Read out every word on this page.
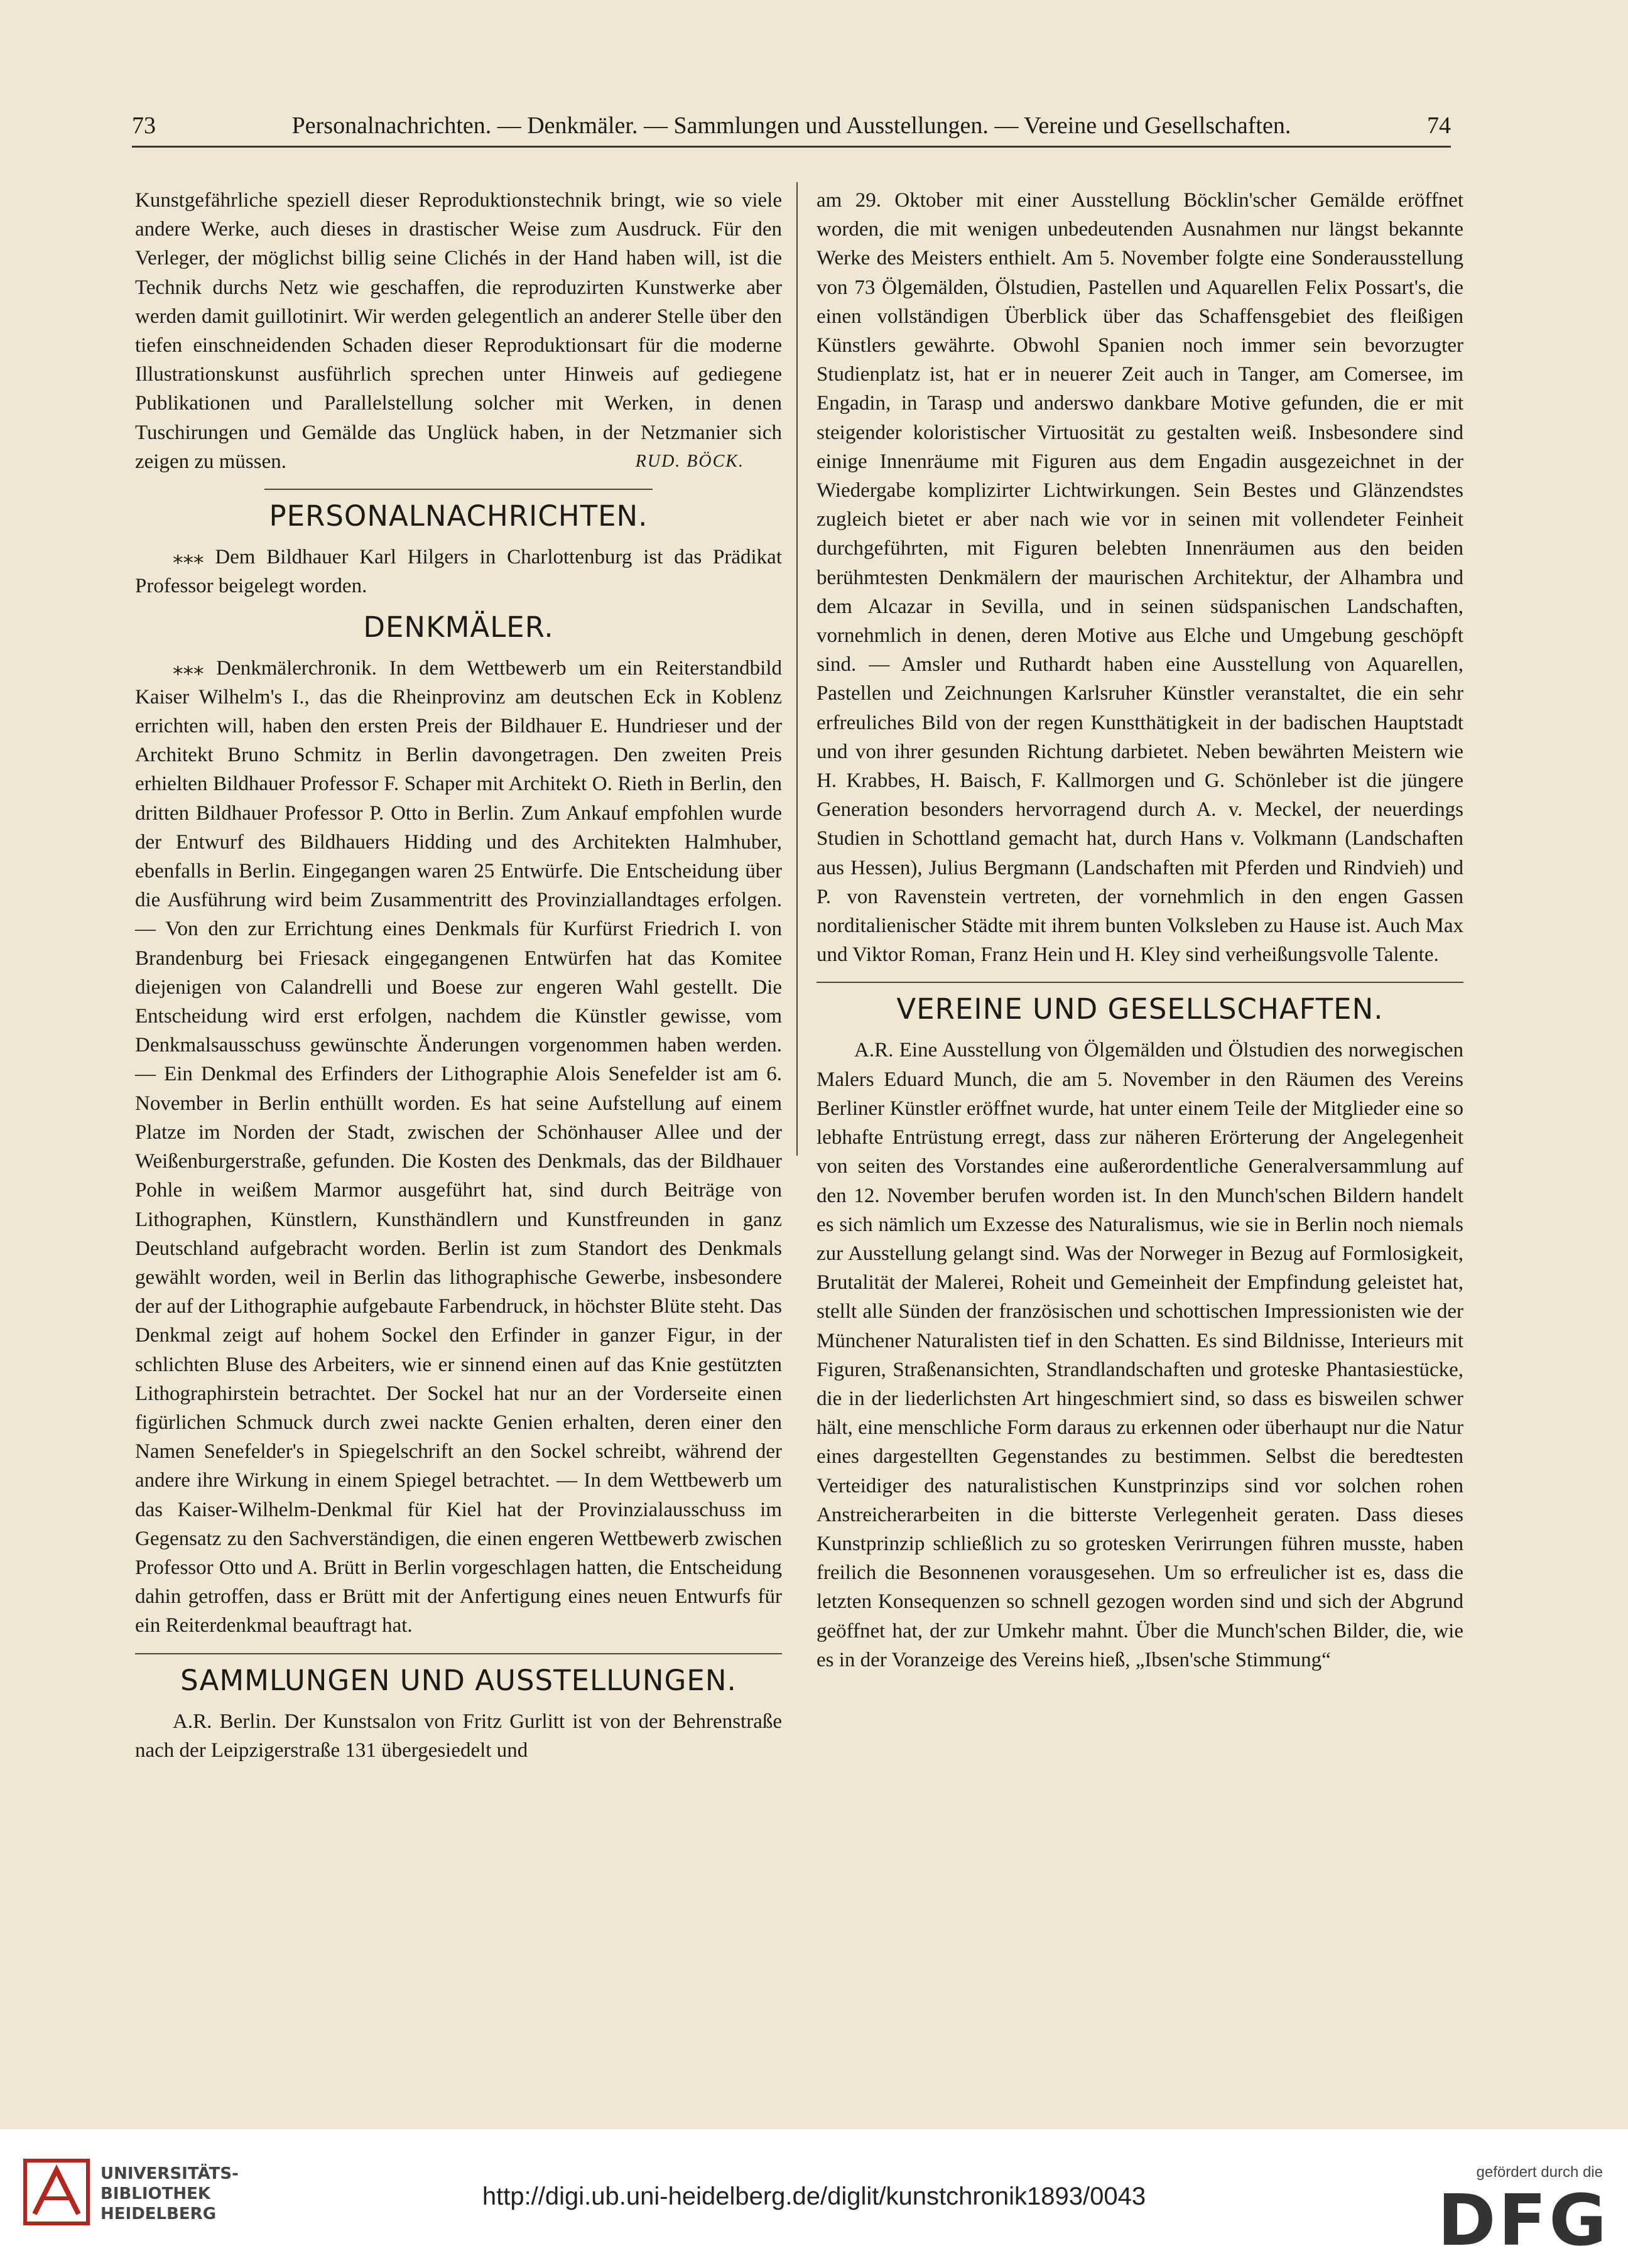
73	Personalnachrichten. — Denkmäler. — Sammlungen und Ausstellungen. — Vereine und Gesellschaften.	74

Kunstgefährliche speziell dieser Reproduktionstechnik bringt, wie so viele andere Werke, auch dieses in drastischer Weise zum Ausdruck. Für den Verleger, der möglichst billig seine Clichés in der Hand haben will, ist die Technik durchs Netz wie geschaffen, die reproduzirten Kunstwerke aber werden damit guillotinirt. Wir werden gelegentlich an anderer Stelle über den tiefen einschneidenden Schaden dieser Reproduktionsart für die moderne Illustrationskunst ausführlich sprechen unter Hinweis auf gediegene Publikationen und Parallelstellung solcher mit Werken, in denen Tuschirungen und Gemälde das Unglück haben, in der Netzmanier sich zeigen zu müssen.	RUD. BÖCK.
PERSONALNACHRICHTEN.

⁎⁎⁎ Dem Bildhauer Karl Hilgers in Charlottenburg ist das Prädikat Professor beigelegt worden.

DENKMÄLER.

⁎⁎⁎ Denkmälerchronik. In dem Wettbewerb um ein Reiterstandbild Kaiser Wilhelm's I., das die Rheinprovinz am deutschen Eck in Koblenz errichten will, haben den ersten Preis der Bildhauer E. Hundrieser und der Architekt Bruno Schmitz in Berlin davongetragen. Den zweiten Preis erhielten Bildhauer Professor F. Schaper mit Architekt O. Rieth in Berlin, den dritten Bildhauer Professor P. Otto in Berlin. Zum Ankauf empfohlen wurde der Entwurf des Bildhauers Hidding und des Architekten Halmhuber, ebenfalls in Berlin. Eingegangen waren 25 Entwürfe. Die Entscheidung über die Ausführung wird beim Zusammentritt des Provinziallandtages erfolgen. — Von den zur Errichtung eines Denkmals für Kurfürst Friedrich I. von Brandenburg bei Friesack eingegangenen Entwürfen hat das Komitee diejenigen von Calandrelli und Boese zur engeren Wahl gestellt. Die Entscheidung wird erst erfolgen, nachdem die Künstler gewisse, vom Denkmalsausschuss gewünschte Änderungen vorgenommen haben werden. — Ein Denkmal des Erfinders der Lithographie Alois Senefelder ist am 6. November in Berlin enthüllt worden. Es hat seine Aufstellung auf einem Platze im Norden der Stadt, zwischen der Schönhauser Allee und der Weißenburgerstraße, gefunden. Die Kosten des Denkmals, das der Bildhauer Pohle in weißem Marmor ausgeführt hat, sind durch Beiträge von Lithographen, Künstlern, Kunsthändlern und Kunstfreunden in ganz Deutschland aufgebracht worden. Berlin ist zum Standort des Denkmals gewählt worden, weil in Berlin das lithographische Gewerbe, insbesondere der auf der Lithographie aufgebaute Farbendruck, in höchster Blüte steht. Das Denkmal zeigt auf hohem Sockel den Erfinder in ganzer Figur, in der schlichten Bluse des Arbeiters, wie er sinnend einen auf das Knie gestützten Lithographirstein betrachtet. Der Sockel hat nur an der Vorderseite einen figürlichen Schmuck durch zwei nackte Genien erhalten, deren einer den Namen Senefelder's in Spiegelschrift an den Sockel schreibt, während der andere ihre Wirkung in einem Spiegel betrachtet. — In dem Wettbewerb um das Kaiser-Wilhelm-Denkmal für Kiel hat der Provinzialausschuss im Gegensatz zu den Sachverständigen, die einen engeren Wettbewerb zwischen Professor Otto und A. Brütt in Berlin vorgeschlagen hatten, die Entscheidung dahin getroffen, dass er Brütt mit der Anfertigung eines neuen Entwurfs für ein Reiterdenkmal beauftragt hat.

SAMMLUNGEN UND AUSSTELLUNGEN.

A.R. Berlin. Der Kunstsalon von Fritz Gurlitt ist von der Behrenstraße nach der Leipzigerstraße 131 übergesiedelt und

am 29. Oktober mit einer Ausstellung Böcklin'scher Gemälde eröffnet worden, die mit wenigen unbedeutenden Ausnahmen nur längst bekannte Werke des Meisters enthielt. Am 5. November folgte eine Sonderausstellung von 73 Ölgemälden, Ölstudien, Pastellen und Aquarellen Felix Possart's, die einen vollständigen Überblick über das Schaffensgebiet des fleißigen Künstlers gewährte. Obwohl Spanien noch immer sein bevorzugter Studienplatz ist, hat er in neuerer Zeit auch in Tanger, am Comersee, im Engadin, in Tarasp und anderswo dankbare Motive gefunden, die er mit steigender koloristischer Virtuosität zu gestalten weiß. Insbesondere sind einige Innenräume mit Figuren aus dem Engadin ausgezeichnet in der Wiedergabe komplizirter Lichtwirkungen. Sein Bestes und Glänzendstes zugleich bietet er aber nach wie vor in seinen mit vollendeter Feinheit durchgeführten, mit Figuren belebten Innenräumen aus den beiden berühmtesten Denkmälern der maurischen Architektur, der Alhambra und dem Alcazar in Sevilla, und in seinen südspanischen Landschaften, vornehmlich in denen, deren Motive aus Elche und Umgebung geschöpft sind. — Amsler und Ruthardt haben eine Ausstellung von Aquarellen, Pastellen und Zeichnungen Karlsruher Künstler veranstaltet, die ein sehr erfreuliches Bild von der regen Kunstthätigkeit in der badischen Hauptstadt und von ihrer gesunden Richtung darbietet. Neben bewährten Meistern wie H. Krabbes, H. Baisch, F. Kallmorgen und G. Schönleber ist die jüngere Generation besonders hervorragend durch A. v. Meckel, der neuerdings Studien in Schottland gemacht hat, durch Hans v. Volkmann (Landschaften aus Hessen), Julius Bergmann (Landschaften mit Pferden und Rindvieh) und P. von Ravenstein vertreten, der vornehmlich in den engen Gassen norditalienischer Städte mit ihrem bunten Volksleben zu Hause ist. Auch Max und Viktor Roman, Franz Hein und H. Kley sind verheißungsvolle Talente.

VEREINE UND GESELLSCHAFTEN.

A.R. Eine Ausstellung von Ölgemälden und Ölstudien des norwegischen Malers Eduard Munch, die am 5. November in den Räumen des Vereins Berliner Künstler eröffnet wurde, hat unter einem Teile der Mitglieder eine so lebhafte Entrüstung erregt, dass zur näheren Erörterung der Angelegenheit von seiten des Vorstandes eine außerordentliche Generalversammlung auf den 12. November berufen worden ist. In den Munch'schen Bildern handelt es sich nämlich um Exzesse des Naturalismus, wie sie in Berlin noch niemals zur Ausstellung gelangt sind. Was der Norweger in Bezug auf Formlosigkeit, Brutalität der Malerei, Roheit und Gemeinheit der Empfindung geleistet hat, stellt alle Sünden der französischen und schottischen Impressionisten wie der Münchener Naturalisten tief in den Schatten. Es sind Bildnisse, Interieurs mit Figuren, Straßenansichten, Strandlandschaften und groteske Phantasiestücke, die in der liederlichsten Art hingeschmiert sind, so dass es bisweilen schwer hält, eine menschliche Form daraus zu erkennen oder überhaupt nur die Natur eines dargestellten Gegenstandes zu bestimmen. Selbst die beredtesten Verteidiger des naturalistischen Kunstprinzips sind vor solchen rohen Anstreicherarbeiten in die bitterste Verlegenheit geraten. Dass dieses Kunstprinzip schließlich zu so grotesken Verirrungen führen musste, haben freilich die Besonnenen vorausgesehen. Um so erfreulicher ist es, dass die letzten Konsequenzen so schnell gezogen worden sind und sich der Abgrund geöffnet hat, der zur Umkehr mahnt. Über die Munch'schen Bilder, die, wie es in der Voranzeige des Vereins hieß, „Ibsen'sche Stimmung“

UNIVERSITÄTS-
BIBLIOTHEK
HEIDELBERG
http://digi.ub.uni-heidelberg.de/diglit/kunstchronik1893/0043
gefördert durch die
DFG
